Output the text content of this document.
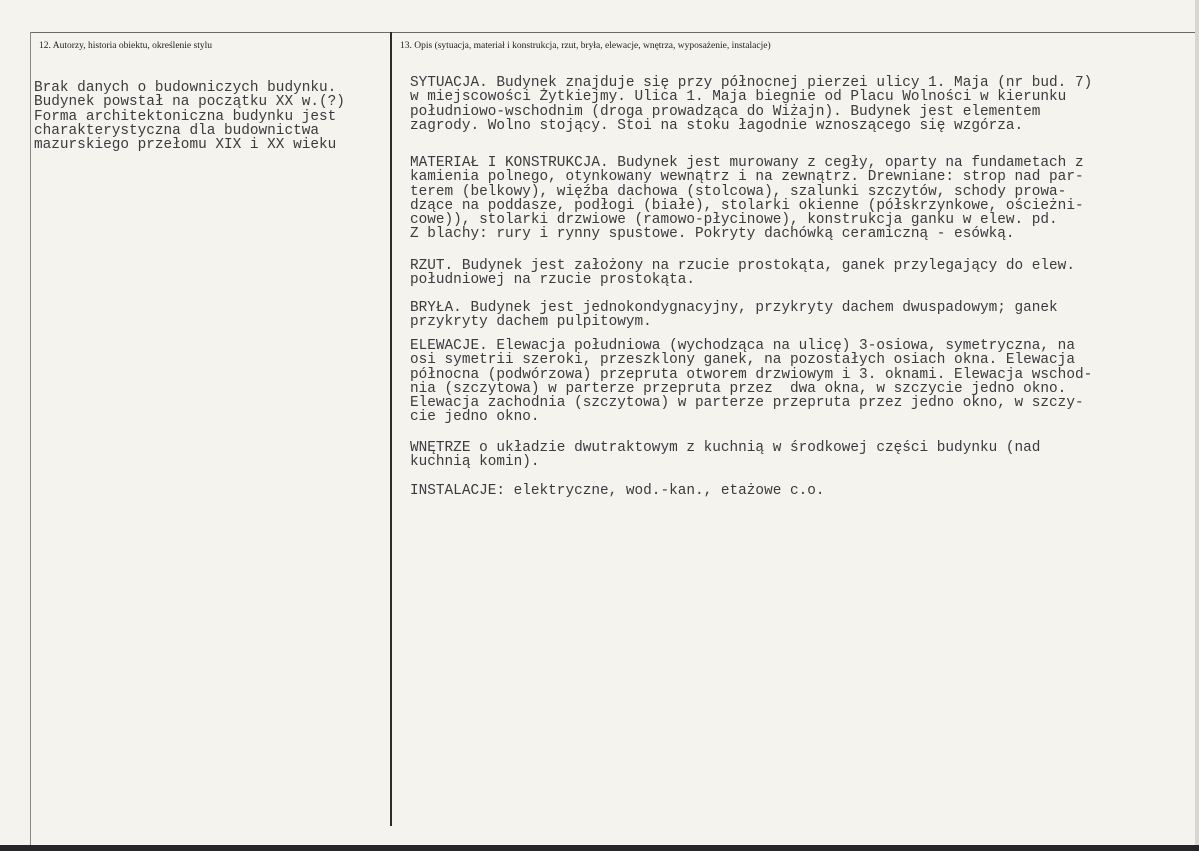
12. Autorzy, historia obiektu, określenie stylu	13. Opis (sytuacja, materiał i konstrukcja, rzut, bryła, elewacje, wnętrza, wyposażenie, instalacje)
Brak danych o budowniczych budynku.
Budynek powstał na początku XX w.(?)
Forma architektoniczna budynku jest
charakterystyczna dla budownictwa
mazurskiego przełomu XIX i XX wieku
SYTUACJA. Budynek znajduje się przy północnej pierzei ulicy 1. Maja (nr bud. 7)
w miejscowości Żytkiejmy. Ulica 1. Maja biegnie od Placu Wolności w kierunku
południowo-wschodnim (droga prowadząca do Wiżajn). Budynek jest elementem
zagrody. Wolno stojący. Stoi na stoku łagodnie wznoszącego się wzgórza.
MATERIAŁ I KONSTRUKCJA. Budynek jest murowany z cegły, oparty na fundametach z
kamienia polnego, otynkowany wewnątrz i na zewnątrz. Drewniane: strop nad par-
terem (belkowy), więźba dachowa (stolcowa), szalunki szczytów, schody prowa-
dzące na poddasze, podłogi (białe), stolarki okienne (półskrzynkowe, ościeżni-
cowe)), stolarki drzwiowe (ramowo-płycinowe), konstrukcja ganku w elew. pd.
Z blachy: rury i rynny spustowe. Pokryty dachówką ceramiczną - esówką.
RZUT. Budynek jest założony na rzucie prostokąta, ganek przylegający do elew.
południowej na rzucie prostokąta.
BRYŁA. Budynek jest jednokondygnacyjny, przykryty dachem dwuspadowym; ganek
przykryty dachem pulpitowym.
ELEWACJE. Elewacja południowa (wychodząca na ulicę) 3-osiowa, symetryczna, na
osi symetrii szeroki, przeszklony ganek, na pozostałych osiach okna. Elewacja
północna (podwórzowa) przepruta otworem drzwiowym i 3. oknami. Elewacja wschod-
nia (szczytowa) w parterze przepruta przez  dwa okna, w szczycie jedno okno.
Elewacja zachodnia (szczytowa) w parterze przepruta przez jedno okno, w szczy-
cie jedno okno.
WNĘTRZE o układzie dwutraktowym z kuchnią w środkowej części budynku (nad
kuchnią komin).
INSTALACJE: elektryczne, wod.-kan., etażowe c.o.
